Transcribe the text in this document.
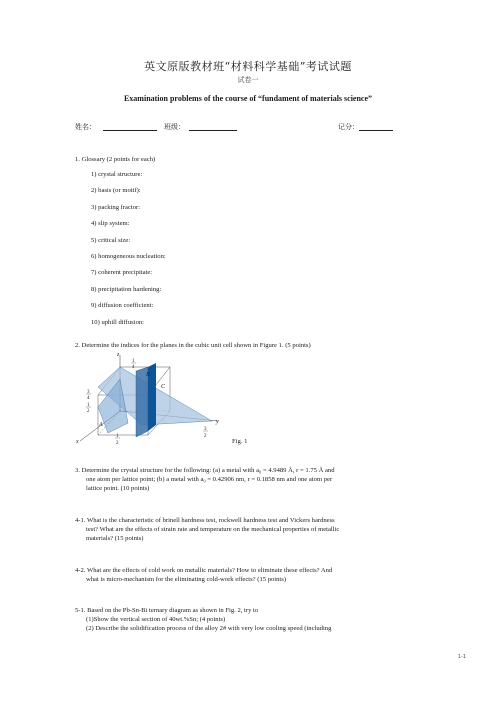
英文原版教材班“材料科学基础”考试试题
试卷一
Examination problems of the course of “fundament of materials science”
姓名：	班级：	记分：
1. Glossary (2 points for each)
1) crystal structure:
2) basis (or motif):
3) packing fractor:
4) slip system:
5) critical size:
6) homogeneous nucleation:
7) coherent precipitate:
8) precipitation hardening:
9) diffusion coefficient:
10) uphill diffusion:
2. Determine the indices for the planes in the cubic unit cell shown in Figure 1. (5 points)
z
y
x
B
C
A
1
4
3
4
1
2
1
2
3
2
Fig. 1
3. Determine the crystal structure for the following: (a) a metal with a₀ = 4.9489 Å, r = 1.75 Å and
one atom per lattice point; (b) a metal with a₀ = 0.42906 nm, r = 0.1858 nm and one atom per
lattice point. (10 points)
4-1. What is the characteristic of brinell hardness test, rockwell hardness test and Vickers hardness
test? What are the effects of strain rate and temperature on the mechanical properties of metallic
materials? (15 points)
4-2. What are the effects of cold work on metallic materials? How to eliminate these effects? And
what is micro-mechanism for the eliminating cold-work effects? (15 points)
5-1. Based on the Pb-Sn-Bi ternary diagram as shown in Fig. 2, try to
(1)Show the vertical section of 40wt.%Sn; (4 points)
(2) Describe the solidification process of the alloy 2# with very low cooling speed (including
1-1
